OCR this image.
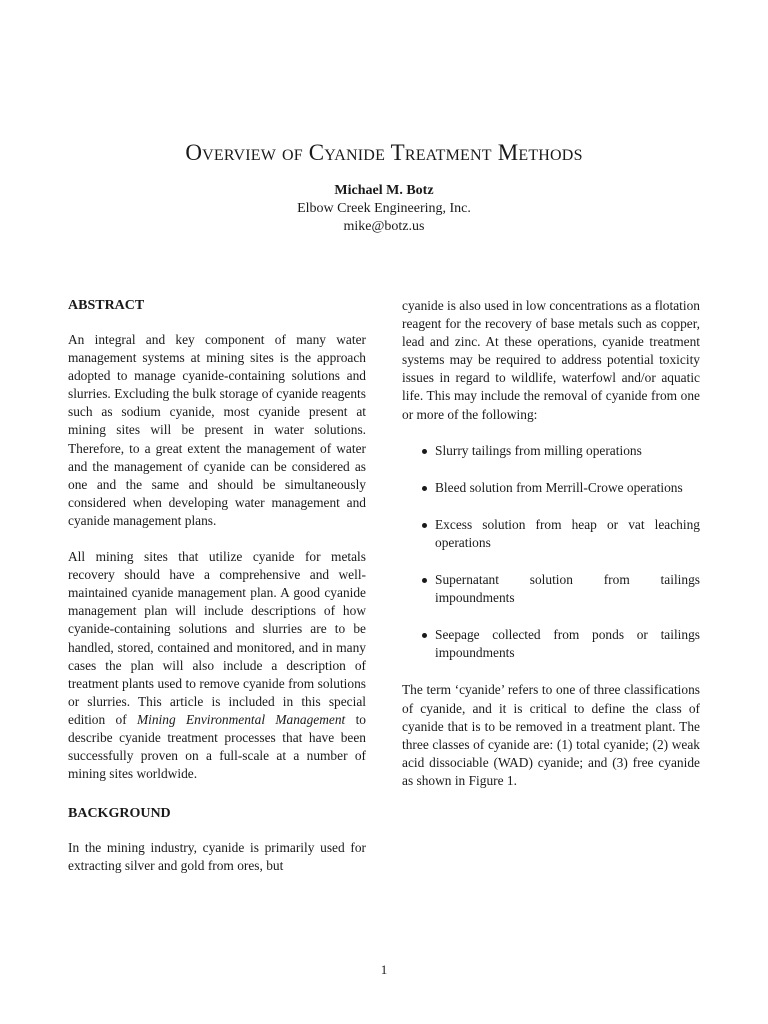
Overview of Cyanide Treatment Methods
Michael M. Botz
Elbow Creek Engineering, Inc.
mike@botz.us
ABSTRACT
An integral and key component of many water management systems at mining sites is the approach adopted to manage cyanide-containing solutions and slurries. Excluding the bulk storage of cyanide reagents such as sodium cyanide, most cyanide present at mining sites will be present in water solutions. Therefore, to a great extent the management of water and the management of cyanide can be considered as one and the same and should be simultaneously considered when developing water management and cyanide management plans.
All mining sites that utilize cyanide for metals recovery should have a comprehensive and well-maintained cyanide management plan. A good cyanide management plan will include descriptions of how cyanide-containing solutions and slurries are to be handled, stored, contained and monitored, and in many cases the plan will also include a description of treatment plants used to remove cyanide from solutions or slurries. This article is included in this special edition of Mining Environmental Management to describe cyanide treatment processes that have been successfully proven on a full-scale at a number of mining sites worldwide.
BACKGROUND
In the mining industry, cyanide is primarily used for extracting silver and gold from ores, but
cyanide is also used in low concentrations as a flotation reagent for the recovery of base metals such as copper, lead and zinc. At these operations, cyanide treatment systems may be required to address potential toxicity issues in regard to wildlife, waterfowl and/or aquatic life. This may include the removal of cyanide from one or more of the following:
Slurry tailings from milling operations
Bleed solution from Merrill-Crowe operations
Excess solution from heap or vat leaching operations
Supernatant solution from tailings impoundments
Seepage collected from ponds or tailings impoundments
The term ‘cyanide’ refers to one of three classifications of cyanide, and it is critical to define the class of cyanide that is to be removed in a treatment plant. The three classes of cyanide are: (1) total cyanide; (2) weak acid dissociable (WAD) cyanide; and (3) free cyanide as shown in Figure 1.
1
